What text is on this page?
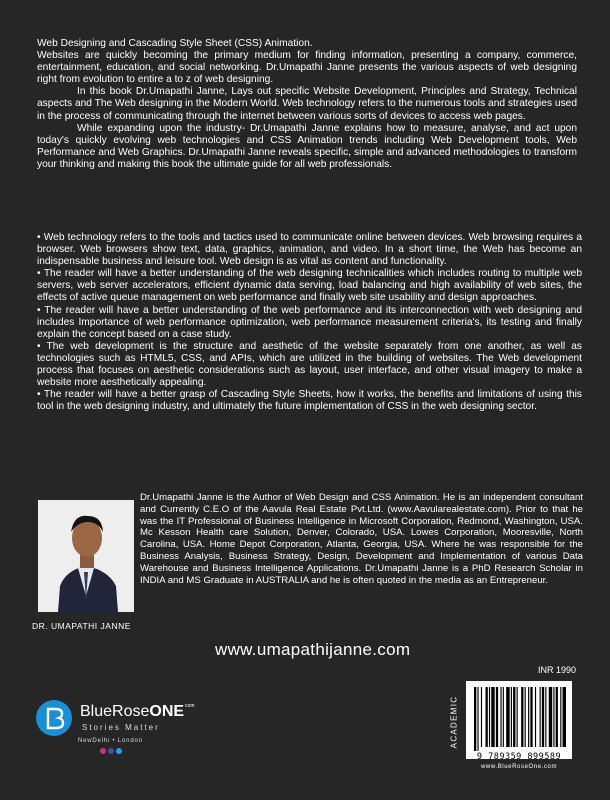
Web Designing and Cascading Style Sheet (CSS) Animation.

Websites are quickly becoming the primary medium for finding information, presenting a company, commerce, entertainment, education, and social networking. Dr.Umapathi Janne presents the various aspects of web designing right from evolution to entire a to z of web designing.

In this book Dr.Umapathi Janne, Lays out specific Website Development, Principles and Strategy, Technical aspects and The Web designing in the Modern World. Web technology refers to the numerous tools and strategies used in the process of communicating through the internet between various sorts of devices to access web pages.

While expanding upon the industry- Dr.Umapathi Janne explains how to measure, analyse, and act upon today's quickly evolving web technologies and CSS Animation trends including Web Development tools, Web Performance and Web Graphics. Dr.Umapathi Janne reveals specific, simple and advanced methodologies to transform your thinking and making this book the ultimate guide for all web professionals.

• Web technology refers to the tools and tactics used to communicate online between devices. Web browsing requires a browser. Web browsers show text, data, graphics, animation, and video. In a short time, the Web has become an indispensable business and leisure tool. Web design is as vital as content and functionality.

• The reader will have a better understanding of the web designing technicalities which includes routing to multiple web servers, web server accelerators, efficient dynamic data serving, load balancing and high availability of web sites, the effects of active queue management on web performance and finally web site usability and design approaches.

• The reader will have a better understanding of the web performance and its interconnection with web designing and includes Importance of web performance optimization, web performance measurement criteria's, its testing and finally explain the concept based on a case study.

• The web development is the structure and aesthetic of the website separately from one another, as well as technologies such as HTML5, CSS, and APIs, which are utilized in the building of websites. The Web development process that focuses on aesthetic considerations such as layout, user interface, and other visual imagery to make a website more aesthetically appealing.

• The reader will have a better grasp of Cascading Style Sheets, how it works, the benefits and limitations of using this tool in the web designing industry, and ultimately the future implementation of CSS in the web designing sector.

DR. UMAPATHI JANNE
Dr.Umapathi Janne is the Author of Web Design and CSS Animation. He is an independent consultant and Currently C.E.O of the Aavula Real Estate Pvt.Ltd. (www.Aavularealestate.com). Prior to that he was the IT Professional of Business Intelligence in Microsoft Corporation, Redmond, Washington, USA. Mc Kesson Health care Solution, Denver, Colorado, USA. Lowes Corporation, Mooresville, North Carolina, USA. Home Depot Corporation, Atlanta, Georgia, USA. Where he was responsible for the Business Analysis, Business Strategy, Design, Development and Implementation of various Data Warehouse and Business Intelligence Applications. Dr.Umapathi Janne is a PhD Research Scholar in INDIA and MS Graduate in AUSTRALIA and he is often quoted in the media as an Entrepreneur.
www.umapathijanne.com
BlueRoseONE$^{com}$
Stories Matter
NewDelhi • London
INR 1990
ACADEMIC
9 789359 899589
www.BlueRoseOne.com
